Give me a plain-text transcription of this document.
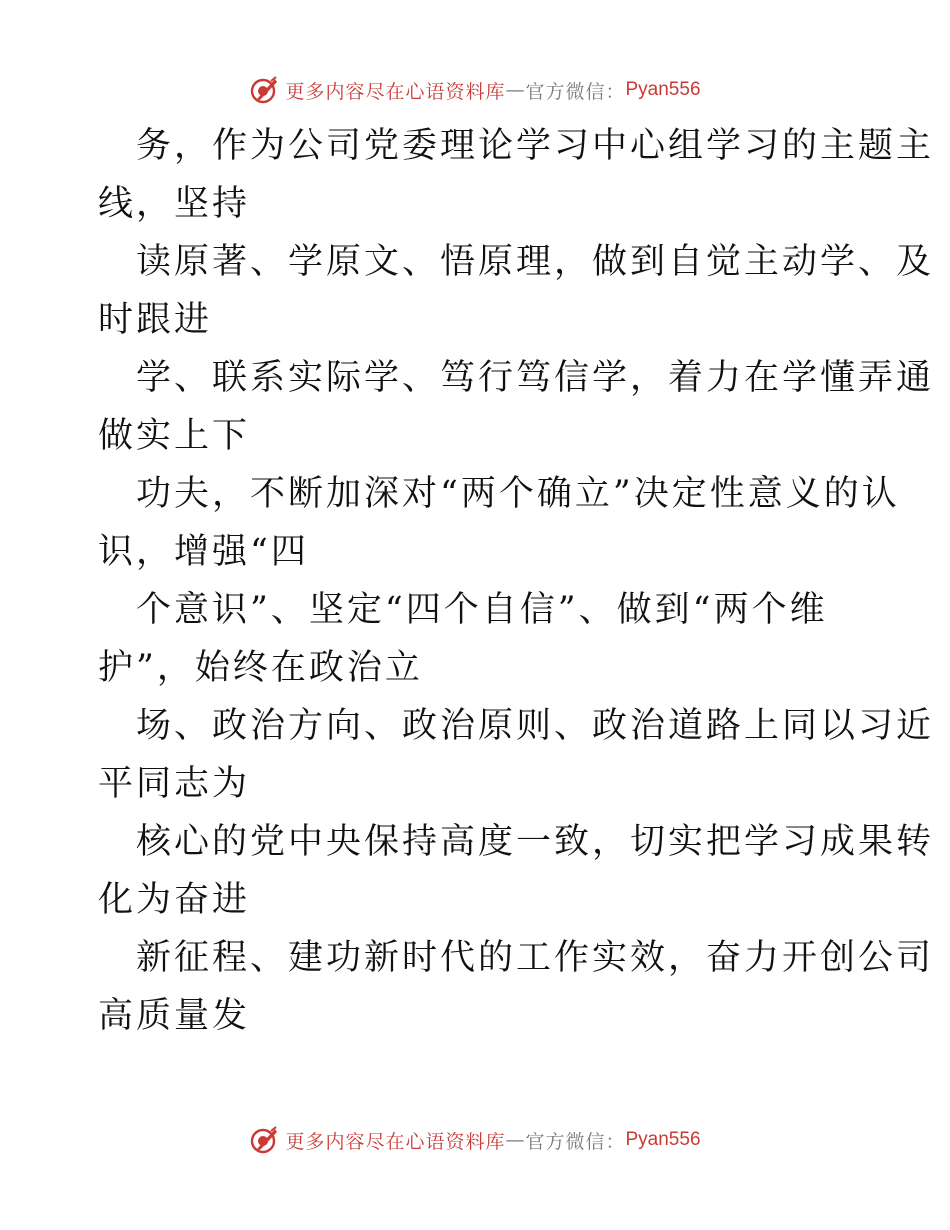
更多内容尽在心语资料库 — 官方微信： Pyan556
务，作为公司党委理论学习中心组学习的主题主
线，坚持
读原著、学原文、悟原理，做到自觉主动学、及
时跟进
学、联系实际学、笃行笃信学，着力在学懂弄通
做实上下
功夫，不断加深对“两个确立”决定性意义的认
识，增强“四
个意识”、坚定“四个自信”、做到“两个维
护”，始终在政治立
场、政治方向、政治原则、政治道路上同以习近
平同志为
核心的党中央保持高度一致，切实把学习成果转
化为奋进
新征程、建功新时代的工作实效，奋力开创公司
高质量发
更多内容尽在心语资料库 — 官方微信： Pyan556
